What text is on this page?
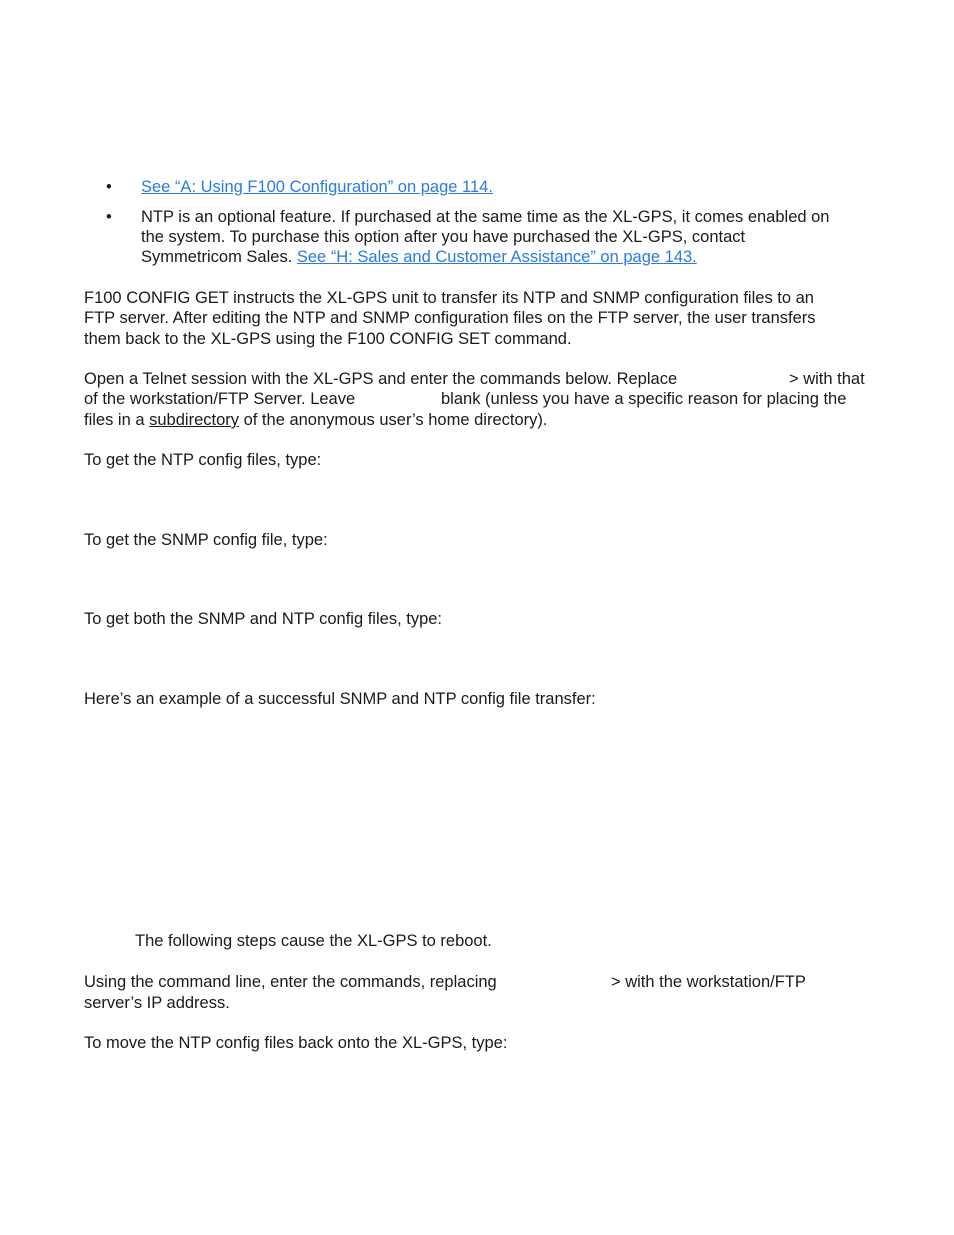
• See “A: Using F100 Configuration” on page 114.
• NTP is an optional feature. If purchased at the same time as the XL-GPS, it comes enabled on
the system. To purchase this option after you have purchased the XL-GPS, contact
Symmetricom Sales. See “H: Sales and Customer Assistance” on page 143.
F100 CONFIG GET instructs the XL-GPS unit to transfer its NTP and SNMP configuration files to an
FTP server. After editing the NTP and SNMP configuration files on the FTP server, the user transfers
them back to the XL-GPS using the F100 CONFIG SET command.
Open a Telnet session with the XL-GPS and enter the commands below. Replace	> with that
of the workstation/FTP Server. Leave	blank (unless you have a specific reason for placing the
files in a subdirectory of the anonymous user’s home directory).
To get the NTP config files, type:
To get the SNMP config file, type:
To get both the SNMP and NTP config files, type:
Here’s an example of a successful SNMP and NTP config file transfer:
The following steps cause the XL-GPS to reboot.
Using the command line, enter the commands, replacing	> with the workstation/FTP
server’s IP address.
To move the NTP config files back onto the XL-GPS, type:
